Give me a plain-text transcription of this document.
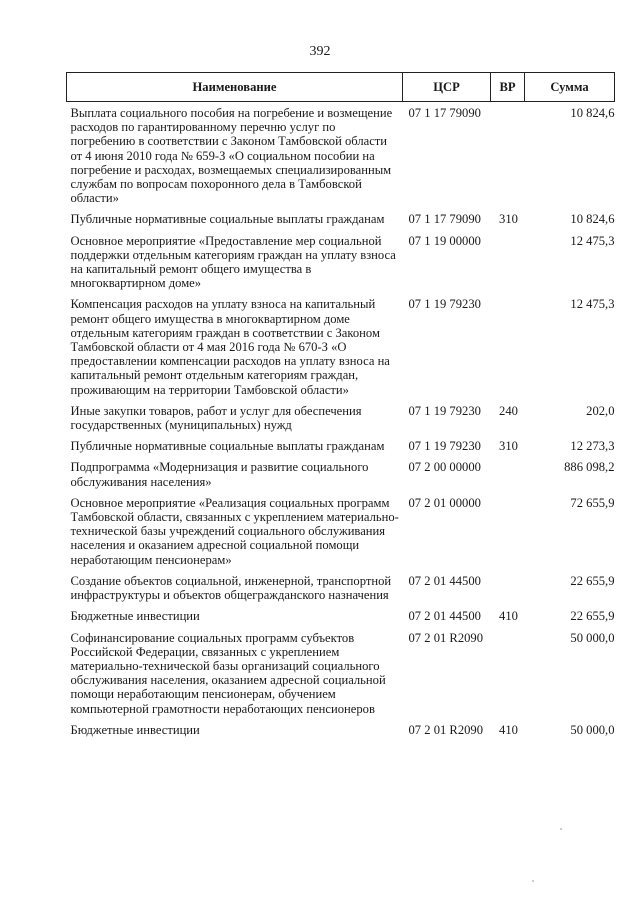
392
Наименование	ЦСР	ВР	Сумма
Выплата социального пособия на погребение и возмещение расходов по гарантированному перечню услуг по погребению в соответствии с Законом Тамбовской области от 4 июня 2010 года № 659-З «О социальном пособии на погребение и расходах, возмещаемых специализированным службам по вопросам похоронного дела в Тамбовской области»	07 1 17 79090		10 824,6
Публичные нормативные социальные выплаты гражданам	07 1 17 79090	310	10 824,6
Основное мероприятие «Предоставление мер социальной поддержки отдельным категориям граждан на уплату взноса на капитальный ремонт общего имущества в многоквартирном доме»	07 1 19 00000		12 475,3
Компенсация расходов на уплату взноса на капитальный ремонт общего имущества в многоквартирном доме отдельным категориям граждан в соответствии с Законом Тамбовской области от 4 мая 2016 года № 670-З «О предоставлении компенсации расходов на уплату взноса на капитальный ремонт отдельным категориям граждан, проживающим на территории Тамбовской области»	07 1 19 79230		12 475,3
Иные закупки товаров, работ и услуг для обеспечения государственных (муниципальных) нужд	07 1 19 79230	240	202,0
Публичные нормативные социальные выплаты гражданам	07 1 19 79230	310	12 273,3
Подпрограмма «Модернизация и развитие социального обслуживания населения»	07 2 00 00000		886 098,2
Основное мероприятие «Реализация социальных программ Тамбовской области, связанных с укреплением материально-технической базы учреждений социального обслуживания населения и оказанием адресной социальной помощи неработающим пенсионерам»	07 2 01 00000		72 655,9
Создание объектов социальной, инженерной, транспортной инфраструктуры и объектов общегражданского назначения	07 2 01 44500		22 655,9
Бюджетные инвестиции	07 2 01 44500	410	22 655,9
Софинансирование социальных программ субъектов Российской Федерации, связанных с укреплением материально-технической базы организаций социального обслуживания населения, оказанием адресной социальной помощи неработающим пенсионерам, обучением компьютерной грамотности неработающих пенсионеров	07 2 01 R2090		50 000,0
Бюджетные инвестиции	07 2 01 R2090	410	50 000,0
